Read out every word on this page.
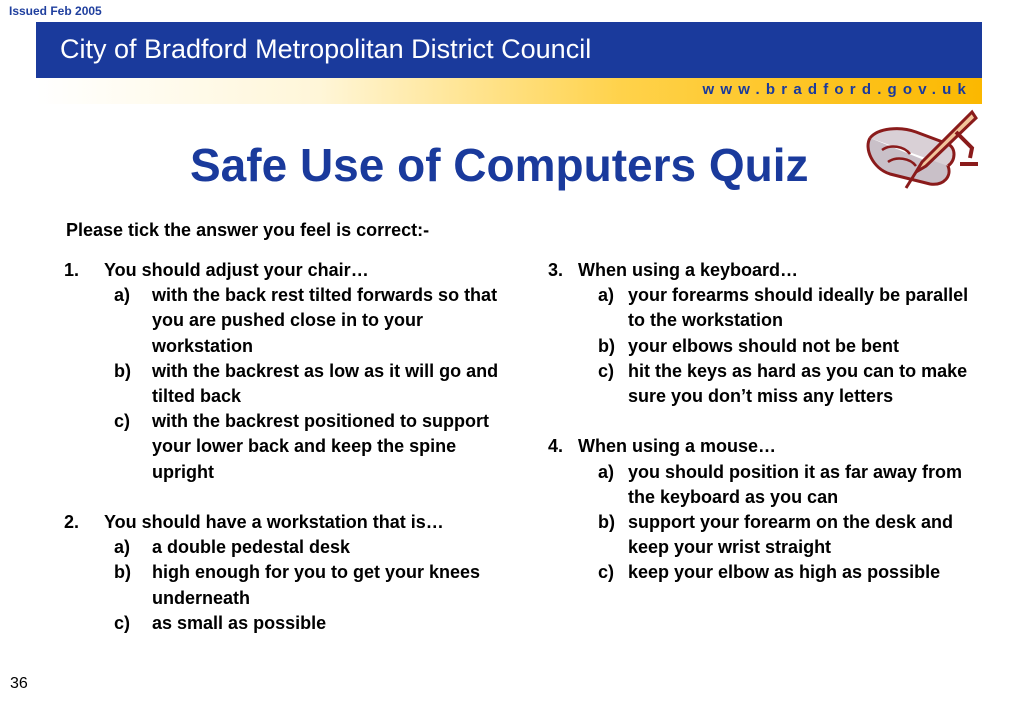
Issued Feb 2005
City of Bradford Metropolitan District Council
www.bradford.gov.uk
Safe Use of Computers Quiz
Please tick the answer you feel is correct:-
1.	You should adjust your chair…
a)	with the back rest tilted forwards so that you are pushed close in to your workstation
b)	with the backrest as low as it will go and tilted back
c)	with the backrest positioned to support your lower back and keep the spine upright
2.	You should have a workstation that is…
a)	a double pedestal desk
b)	high enough for you to get your knees underneath
c)	as small as possible
3. When using a keyboard…
a) your forearms should ideally be parallel to the workstation
b) your elbows should not be bent
c) hit the keys as hard as you can to make sure you don’t miss any letters
4. When using a mouse…
a) you should position it as far away from the keyboard as you can
b) support your forearm on the desk and keep your wrist straight
c) keep your elbow as high as possible
36
